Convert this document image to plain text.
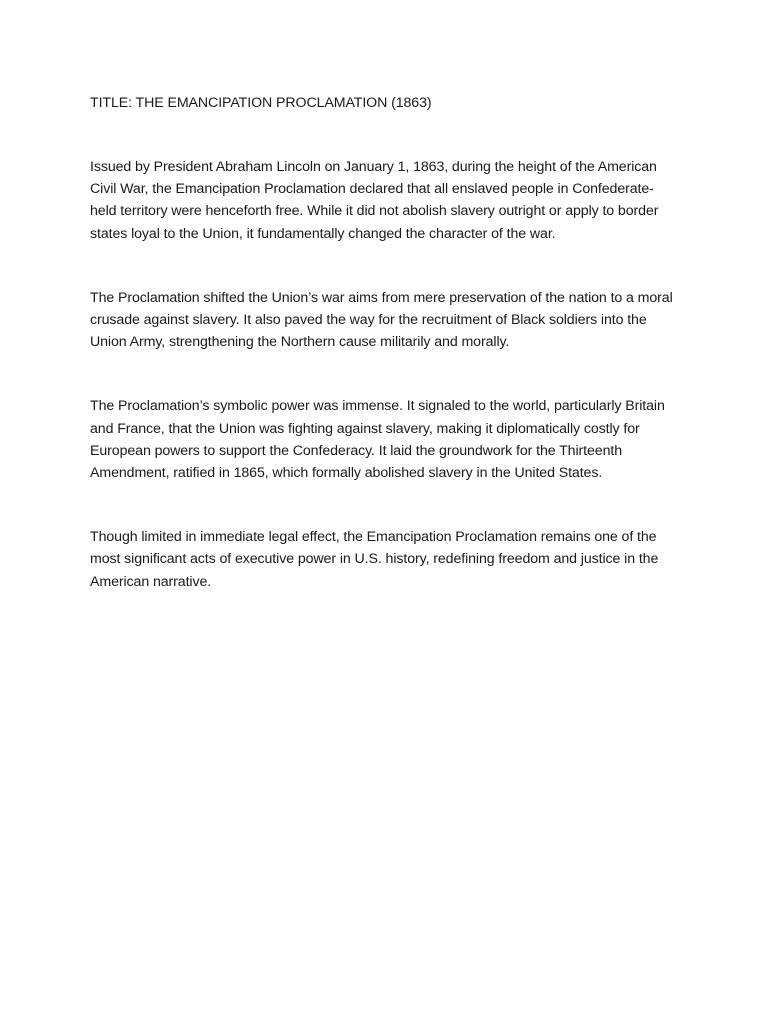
TITLE: THE EMANCIPATION PROCLAMATION (1863)

Issued by President Abraham Lincoln on January 1, 1863, during the height of the American Civil War, the Emancipation Proclamation declared that all enslaved people in Confederate-held territory were henceforth free. While it did not abolish slavery outright or apply to border states loyal to the Union, it fundamentally changed the character of the war.

The Proclamation shifted the Union’s war aims from mere preservation of the nation to a moral crusade against slavery. It also paved the way for the recruitment of Black soldiers into the Union Army, strengthening the Northern cause militarily and morally.

The Proclamation’s symbolic power was immense. It signaled to the world, particularly Britain and France, that the Union was fighting against slavery, making it diplomatically costly for European powers to support the Confederacy. It laid the groundwork for the Thirteenth Amendment, ratified in 1865, which formally abolished slavery in the United States.

Though limited in immediate legal effect, the Emancipation Proclamation remains one of the most significant acts of executive power in U.S. history, redefining freedom and justice in the American narrative.
